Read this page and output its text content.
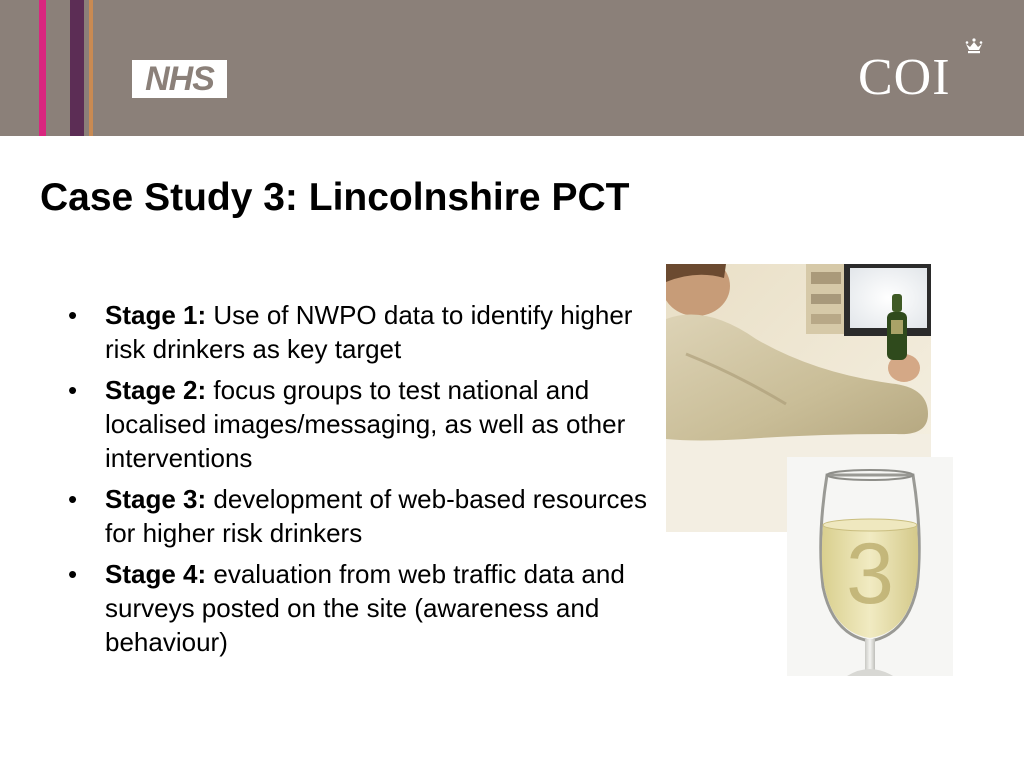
NHS	COI
Case Study 3: Lincolnshire PCT
• Stage 1: Use of NWPO data to identify higher risk drinkers as key target
• Stage 2: focus groups to test national and localised images/messaging, as well as other interventions
• Stage 3: development of web-based resources for higher risk drinkers
• Stage 4: evaluation from web traffic data and surveys posted on the site (awareness and behaviour)
3
